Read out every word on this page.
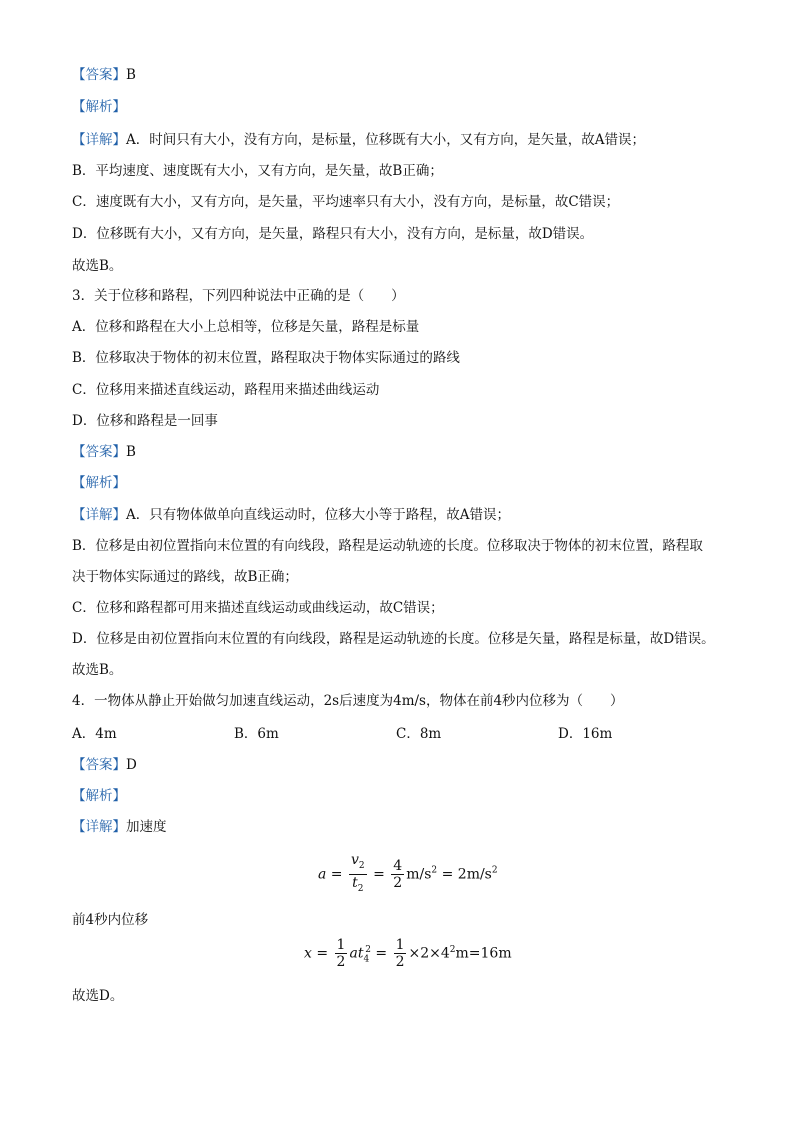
【答案】B
【解析】
【详解】A．时间只有大小，没有方向，是标量，位移既有大小，又有方向，是矢量，故A错误；
B．平均速度、速度既有大小，又有方向，是矢量，故B正确；
C．速度既有大小，又有方向，是矢量，平均速率只有大小，没有方向，是标量，故C错误；
D．位移既有大小，又有方向，是矢量，路程只有大小，没有方向，是标量，故D错误。
故选B。
3．关于位移和路程，下列四种说法中正确的是（　　）
A．位移和路程在大小上总相等，位移是矢量，路程是标量
B．位移取决于物体的初末位置，路程取决于物体实际通过的路线
C．位移用来描述直线运动，路程用来描述曲线运动
D．位移和路程是一回事
【答案】B
【解析】
【详解】A．只有物体做单向直线运动时，位移大小等于路程，故A错误；
B．位移是由初位置指向末位置的有向线段，路程是运动轨迹的长度。位移取决于物体的初末位置，路程取
决于物体实际通过的路线，故B正确；
C．位移和路程都可用来描述直线运动或曲线运动，故C错误；
D．位移是由初位置指向末位置的有向线段，路程是运动轨迹的长度。位移是矢量，路程是标量，故D错误。
故选B。
4．一物体从静止开始做匀加速直线运动，2s后速度为4m/s，物体在前4秒内位移为（　　）
A．4m	B．6m	C．8m	D．16m
【答案】D
【解析】
【详解】加速度
$a = \frac{v_2}{t_2} = \frac{4}{2} m/s^2 = 2m/s^2$
前4秒内位移
$x = \frac{1}{2} at_4^2 = \frac{1}{2} \times 2\times 4^2m=16m$
故选D。
